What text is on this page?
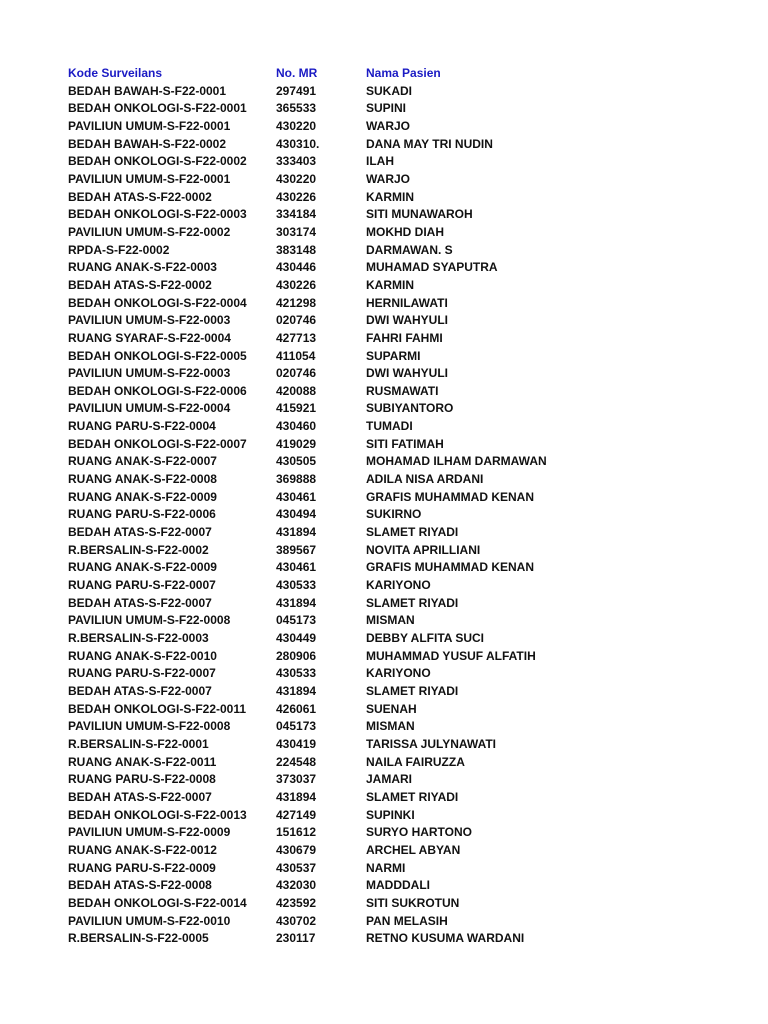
Kode Surveilans	No. MR	Nama Pasien
BEDAH BAWAH-S-F22-0001	297491	SUKADI
BEDAH ONKOLOGI-S-F22-0001	365533	SUPINI
PAVILIUN UMUM-S-F22-0001	430220	WARJO
BEDAH BAWAH-S-F22-0002	430310.	DANA MAY TRI NUDIN
BEDAH ONKOLOGI-S-F22-0002	333403	ILAH
PAVILIUN UMUM-S-F22-0001	430220	WARJO
BEDAH ATAS-S-F22-0002	430226	KARMIN
BEDAH ONKOLOGI-S-F22-0003	334184	SITI MUNAWAROH
PAVILIUN UMUM-S-F22-0002	303174	MOKHD DIAH
RPDA-S-F22-0002	383148	DARMAWAN. S
RUANG ANAK-S-F22-0003	430446	MUHAMAD SYAPUTRA
BEDAH ATAS-S-F22-0002	430226	KARMIN
BEDAH ONKOLOGI-S-F22-0004	421298	HERNILAWATI
PAVILIUN UMUM-S-F22-0003	020746	DWI WAHYULI
RUANG SYARAF-S-F22-0004	427713	FAHRI FAHMI
BEDAH ONKOLOGI-S-F22-0005	411054	SUPARMI
PAVILIUN UMUM-S-F22-0003	020746	DWI WAHYULI
BEDAH ONKOLOGI-S-F22-0006	420088	RUSMAWATI
PAVILIUN UMUM-S-F22-0004	415921	SUBIYANTORO
RUANG PARU-S-F22-0004	430460	TUMADI
BEDAH ONKOLOGI-S-F22-0007	419029	SITI FATIMAH
RUANG ANAK-S-F22-0007	430505	MOHAMAD ILHAM DARMAWAN
RUANG ANAK-S-F22-0008	369888	ADILA NISA ARDANI
RUANG ANAK-S-F22-0009	430461	GRAFIS MUHAMMAD KENAN
RUANG PARU-S-F22-0006	430494	SUKIRNO
BEDAH ATAS-S-F22-0007	431894	SLAMET RIYADI
R.BERSALIN-S-F22-0002	389567	NOVITA APRILLIANI
RUANG ANAK-S-F22-0009	430461	GRAFIS MUHAMMAD KENAN
RUANG PARU-S-F22-0007	430533	KARIYONO
BEDAH ATAS-S-F22-0007	431894	SLAMET RIYADI
PAVILIUN UMUM-S-F22-0008	045173	MISMAN
R.BERSALIN-S-F22-0003	430449	DEBBY ALFITA SUCI
RUANG ANAK-S-F22-0010	280906	MUHAMMAD YUSUF ALFATIH
RUANG PARU-S-F22-0007	430533	KARIYONO
BEDAH ATAS-S-F22-0007	431894	SLAMET RIYADI
BEDAH ONKOLOGI-S-F22-0011	426061	SUENAH
PAVILIUN UMUM-S-F22-0008	045173	MISMAN
R.BERSALIN-S-F22-0001	430419	TARISSA JULYNAWATI
RUANG ANAK-S-F22-0011	224548	NAILA FAIRUZZA
RUANG PARU-S-F22-0008	373037	JAMARI
BEDAH ATAS-S-F22-0007	431894	SLAMET RIYADI
BEDAH ONKOLOGI-S-F22-0013	427149	SUPINKI
PAVILIUN UMUM-S-F22-0009	151612	SURYO HARTONO
RUANG ANAK-S-F22-0012	430679	ARCHEL ABYAN
RUANG PARU-S-F22-0009	430537	NARMI
BEDAH ATAS-S-F22-0008	432030	MADDDALI
BEDAH ONKOLOGI-S-F22-0014	423592	SITI SUKROTUN
PAVILIUN UMUM-S-F22-0010	430702	PAN MELASIH
R.BERSALIN-S-F22-0005	230117	RETNO KUSUMA WARDANI
